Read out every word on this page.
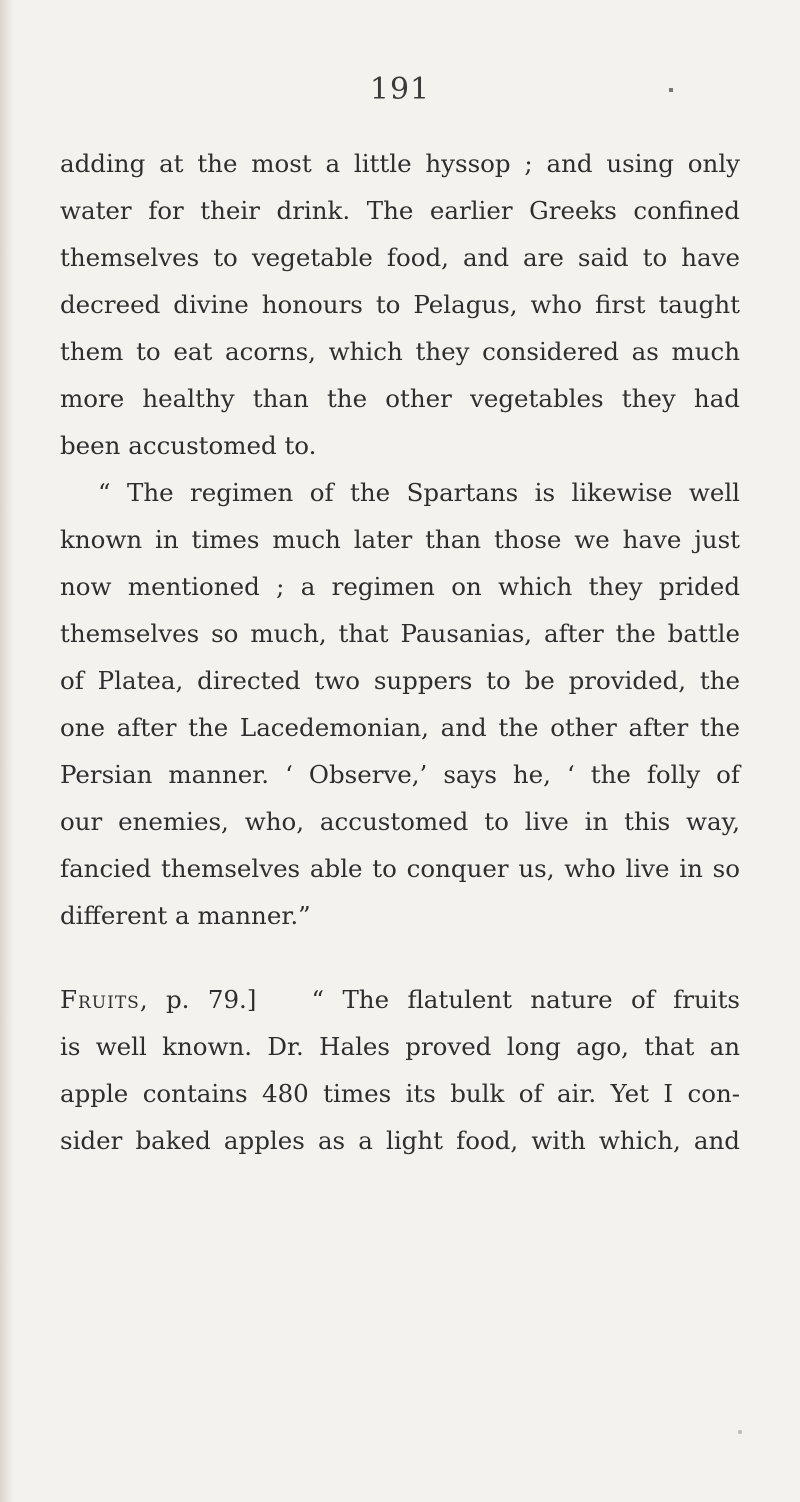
191
adding at the most a little hyssop ; and using only
water for their drink. The earlier Greeks confined
themselves to vegetable food, and are said to have
decreed divine honours to Pelagus, who first taught
them to eat acorns, which they considered as much
more healthy than the other vegetables they had
been accustomed to.
“ The regimen of the Spartans is likewise well
known in times much later than those we have just
now mentioned ; a regimen on which they prided
themselves so much, that Pausanias, after the battle
of Platea, directed two suppers to be provided, the
one after the Lacedemonian, and the other after the
Persian manner. ‘ Observe,’ says he, ‘ the folly of
our enemies, who, accustomed to live in this way,
fancied themselves able to conquer us, who live in so
different a manner.”
Fruits, p. 79.] “ The flatulent nature of fruits
is well known. Dr. Hales proved long ago, that an
apple contains 480 times its bulk of air. Yet I con-
sider baked apples as a light food, with which, and
